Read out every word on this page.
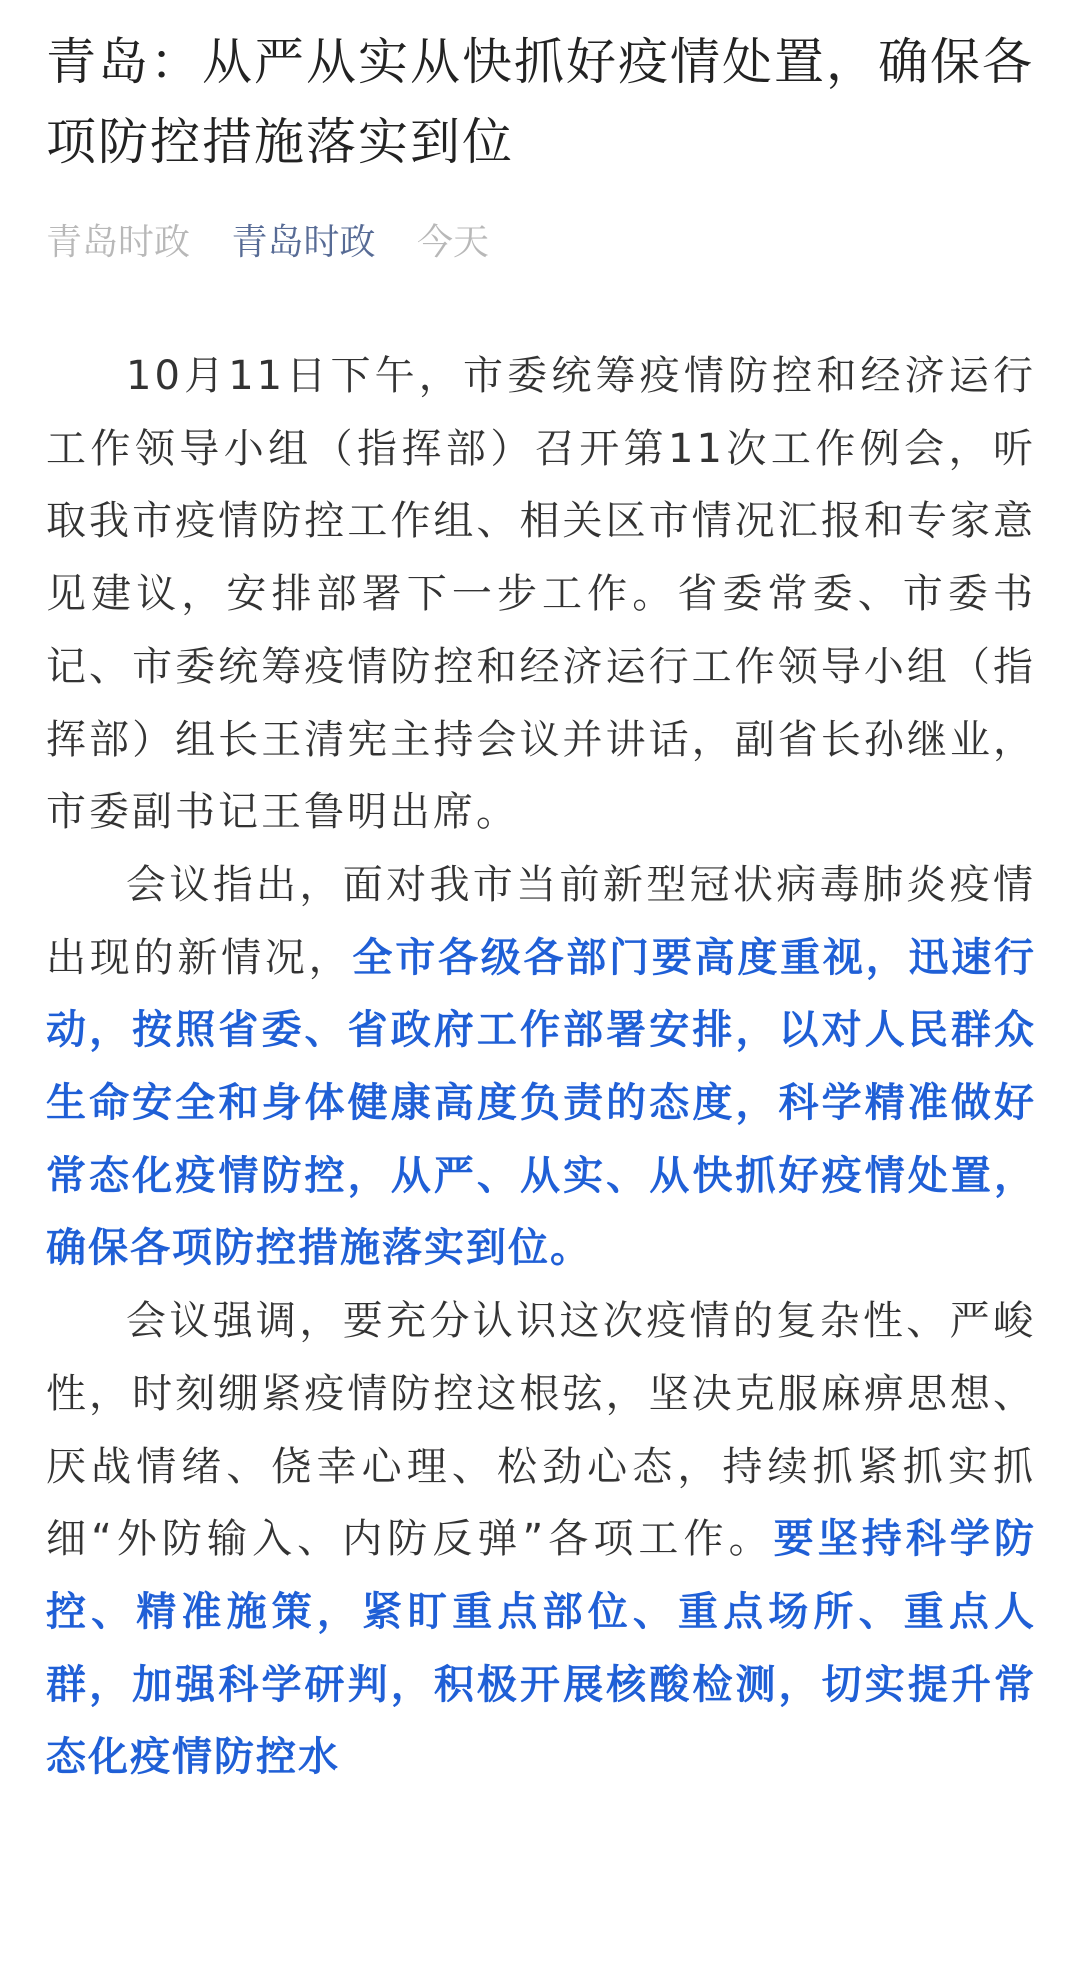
青岛：从严从实从快抓好疫情处置，确保各项防控措施落实到位
青岛时政 青岛时政 今天

10月11日下午，市委统筹疫情防控和经济运行工作领导小组（指挥部）召开第11次工作例会，听取我市疫情防控工作组、相关区市情况汇报和专家意见建议，安排部署下一步工作。省委常委、市委书记、市委统筹疫情防控和经济运行工作领导小组（指挥部）组长王清宪主持会议并讲话，副省长孙继业，市委副书记王鲁明出席。

会议指出，面对我市当前新型冠状病毒肺炎疫情出现的新情况，全市各级各部门要高度重视，迅速行动，按照省委、省政府工作部署安排，以对人民群众生命安全和身体健康高度负责的态度，科学精准做好常态化疫情防控，从严、从实、从快抓好疫情处置，确保各项防控措施落实到位。

会议强调，要充分认识这次疫情的复杂性、严峻性，时刻绷紧疫情防控这根弦，坚决克服麻痹思想、厌战情绪、侥幸心理、松劲心态，持续抓紧抓实抓细“外防输入、内防反弹”各项工作。要坚持科学防控、精准施策，紧盯重点部位、重点场所、重点人群，加强科学研判，积极开展核酸检测，切实提升常态化疫情防控水
